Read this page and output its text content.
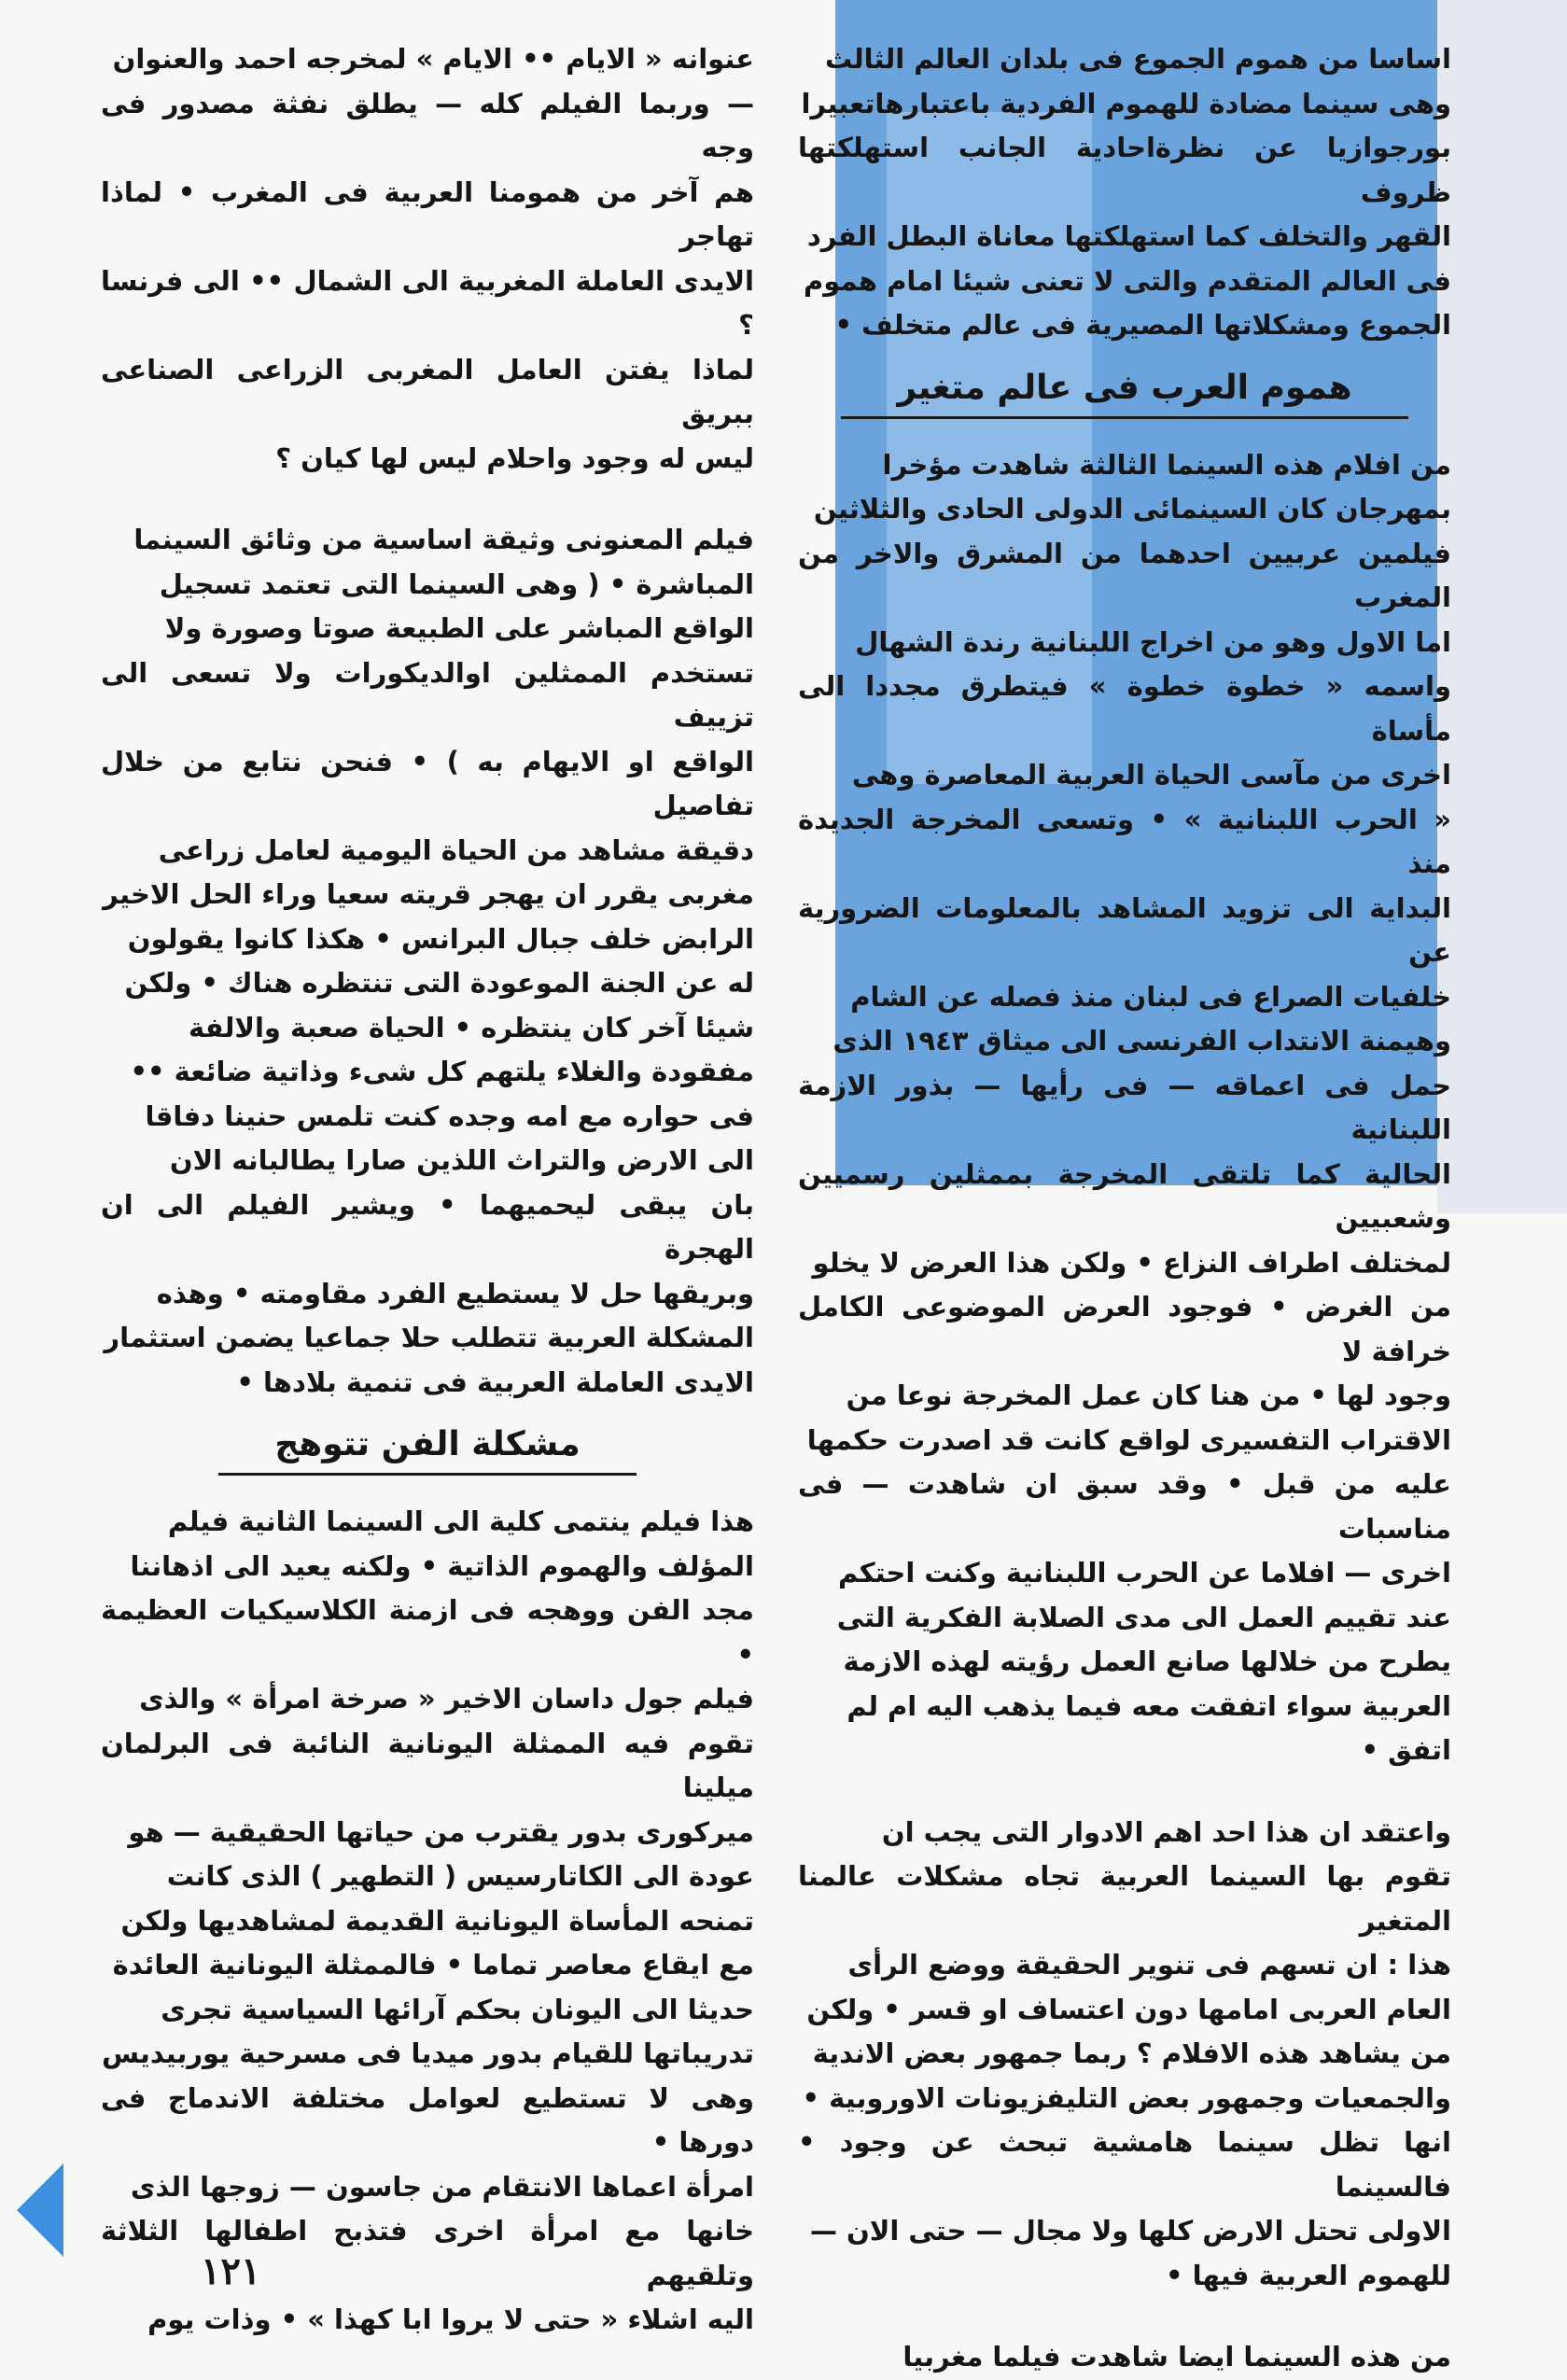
اساسا من هموم الجموع فى بلدان العالم الثالث
وهى سينما مضادة للهموم الفردية باعتبارهاتعبيرا
بورجوازيا عن نظرةاحادية الجانب استهلكتها ظروف
القهر والتخلف كما استهلكتها معاناة البطل الفرد
فى العالم المتقدم والتى لا تعنى شيئا امام هموم
الجموع ومشكلاتها المصيرية فى عالم متخلف •

هموم العرب فى عالم متغير

من افلام هذه السينما الثالثة شاهدت مؤخرا
بمهرجان كان السينمائى الدولى الحادى والثلاثين
فيلمين عربيين احدهما من المشرق والاخر من المغرب
اما الاول وهو من اخراج اللبنانية رندة الشهال
واسمه « خطوة خطوة » فيتطرق مجددا الى مأساة
اخرى من مآسى الحياة العربية المعاصرة وهى
« الحرب اللبنانية » • وتسعى المخرجة الجديدة منذ
البداية الى تزويد المشاهد بالمعلومات الضرورية عن
خلفيات الصراع فى لبنان منذ فصله عن الشام
وهيمنة الانتداب الفرنسى الى ميثاق ١٩٤٣ الذى
حمل فى اعماقه — فى رأيها — بذور الازمة اللبنانية
الحالية كما تلتقى المخرجة بممثلين رسميين وشعبيين
لمختلف اطراف النزاع • ولكن هذا العرض لا يخلو
من الغرض • فوجود العرض الموضوعى الكامل خرافة لا
وجود لها • من هنا كان عمل المخرجة نوعا من
الاقتراب التفسيرى لواقع كانت قد اصدرت حكمها
عليه من قبل • وقد سبق ان شاهدت — فى مناسبات
اخرى — افلاما عن الحرب اللبنانية وكنت احتكم
عند تقييم العمل الى مدى الصلابة الفكرية التى
يطرح من خلالها صانع العمل رؤيته لهذه الازمة
العربية سواء اتفقت معه فيما يذهب اليه ام لم
اتفق •

واعتقد ان هذا احد اهم الادوار التى يجب ان
تقوم بها السينما العربية تجاه مشكلات عالمنا المتغير
هذا : ان تسهم فى تنوير الحقيقة ووضع الرأى
العام العربى امامها دون اعتساف او قسر • ولكن
من يشاهد هذه الافلام ؟ ربما جمهور بعض الاندية
والجمعيات وجمهور بعض التليفزيونات الاوروبية •
انها تظل سينما هامشية تبحث عن وجود • فالسينما
الاولى تحتل الارض كلها ولا مجال — حتى الان —
للهموم العربية فيها •

من هذه السينما ايضا شاهدت فيلما مغربيا

عنوانه « الايام •• الايام » لمخرجه احمد والعنوان
— وربما الفيلم كله — يطلق نفثة مصدور فى وجه
هم آخر من همومنا العربية فى المغرب • لماذا تهاجر
الايدى العاملة المغربية الى الشمال •• الى فرنسا ؟
لماذا يفتن العامل المغربى الزراعى الصناعى ببريق
ليس له وجود واحلام ليس لها كيان ؟

فيلم المعنونى وثيقة اساسية من وثائق السينما
المباشرة • ( وهى السينما التى تعتمد تسجيل
الواقع المباشر على الطبيعة صوتا وصورة ولا
تستخدم الممثلين اوالديكورات ولا تسعى الى تزييف
الواقع او الايهام به ) • فنحن نتابع من خلال تفاصيل
دقيقة مشاهد من الحياة اليومية لعامل زراعى
مغربى يقرر ان يهجر قريته سعيا وراء الحل الاخير
الرابض خلف جبال البرانس • هكذا كانوا يقولون
له عن الجنة الموعودة التى تنتظره هناك • ولكن
شيئا آخر كان ينتظره • الحياة صعبة والالفة
مفقودة والغلاء يلتهم كل شىء وذاتية ضائعة ••
فى حواره مع امه وجده كنت تلمس حنينا دفاقا
الى الارض والتراث اللذين صارا يطالبانه الان
بان يبقى ليحميهما • ويشير الفيلم الى ان الهجرة
وبريقها حل لا يستطيع الفرد مقاومته • وهذه
المشكلة العربية تتطلب حلا جماعيا يضمن استثمار
الايدى العاملة العربية فى تنمية بلادها •

مشكلة الفن تتوهج

هذا فيلم ينتمى كلية الى السينما الثانية فيلم
المؤلف والهموم الذاتية • ولكنه يعيد الى اذهاننا
مجد الفن ووهجه فى ازمنة الكلاسيكيات العظيمة •
فيلم جول داسان الاخير « صرخة امرأة » والذى
تقوم فيه الممثلة اليونانية النائبة فى البرلمان ميلينا
ميركورى بدور يقترب من حياتها الحقيقية — هو
عودة الى الكاتارسيس ( التطهير ) الذى كانت
تمنحه المأساة اليونانية القديمة لمشاهديها ولكن
مع ايقاع معاصر تماما • فالممثلة اليونانية العائدة
حديثا الى اليونان بحكم آرائها السياسية تجرى
تدريباتها للقيام بدور ميديا فى مسرحية يوربيديس
وهى لا تستطيع لعوامل مختلفة الاندماج فى دورها •
امرأة اعماها الانتقام من جاسون — زوجها الذى
خانها مع امرأة اخرى فتذبح اطفالها الثلاثة وتلقيهم
اليه اشلاء « حتى لا يروا ابا كهذا » • وذات يوم

١٢١
